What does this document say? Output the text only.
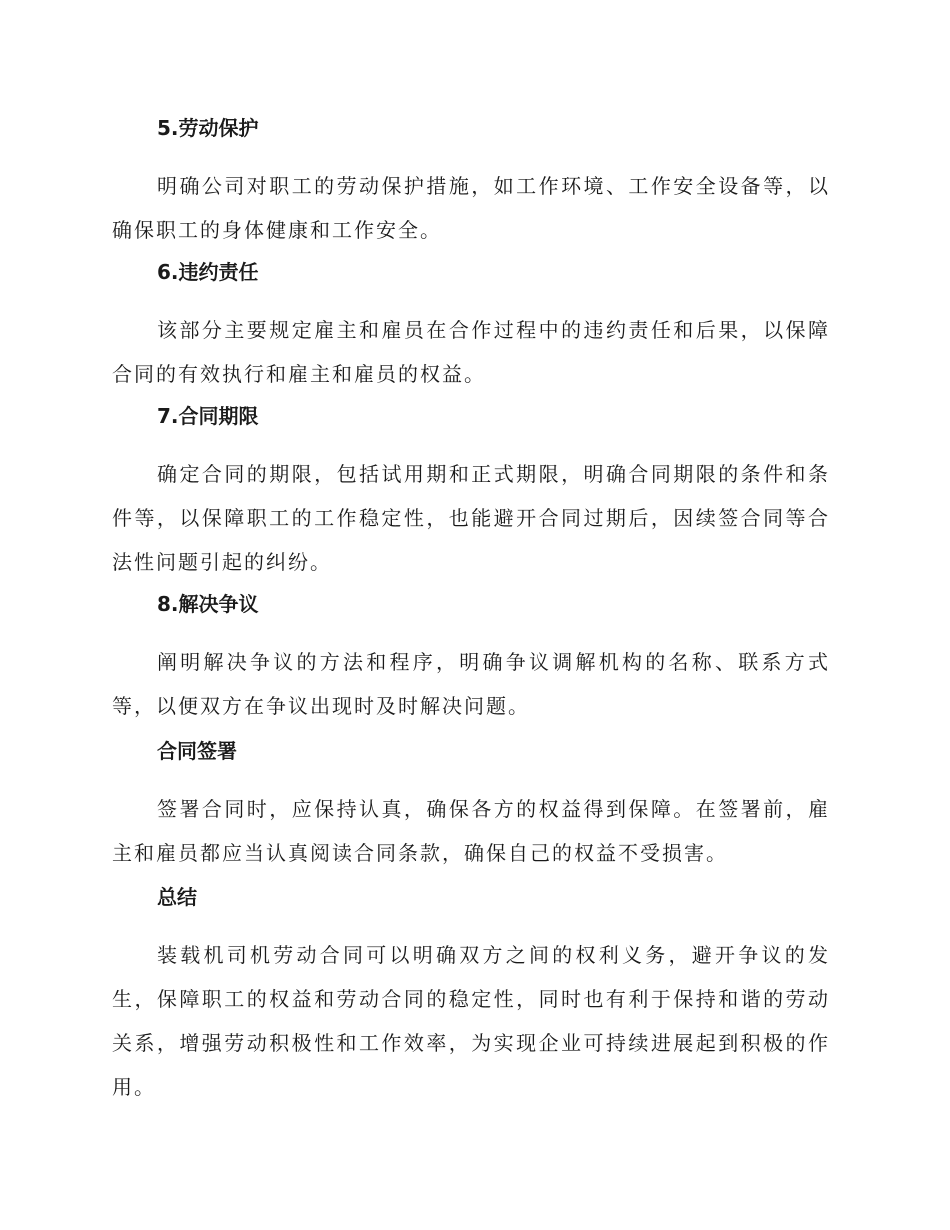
5.劳动保护

明确公司对职工的劳动保护措施，如工作环境、工作安全设备等，以确保职工的身体健康和工作安全。

6.违约责任

该部分主要规定雇主和雇员在合作过程中的违约责任和后果，以保障合同的有效执行和雇主和雇员的权益。

7.合同期限

确定合同的期限，包括试用期和正式期限，明确合同期限的条件和条件等，以保障职工的工作稳定性，也能避开合同过期后，因续签合同等合法性问题引起的纠纷。

8.解决争议

阐明解决争议的方法和程序，明确争议调解机构的名称、联系方式等，以便双方在争议出现时及时解决问题。

合同签署

签署合同时，应保持认真，确保各方的权益得到保障。在签署前，雇主和雇员都应当认真阅读合同条款，确保自己的权益不受损害。

总结

装载机司机劳动合同可以明确双方之间的权利义务，避开争议的发生，保障职工的权益和劳动合同的稳定性，同时也有利于保持和谐的劳动关系，增强劳动积极性和工作效率，为实现企业可持续进展起到积极的作用。
